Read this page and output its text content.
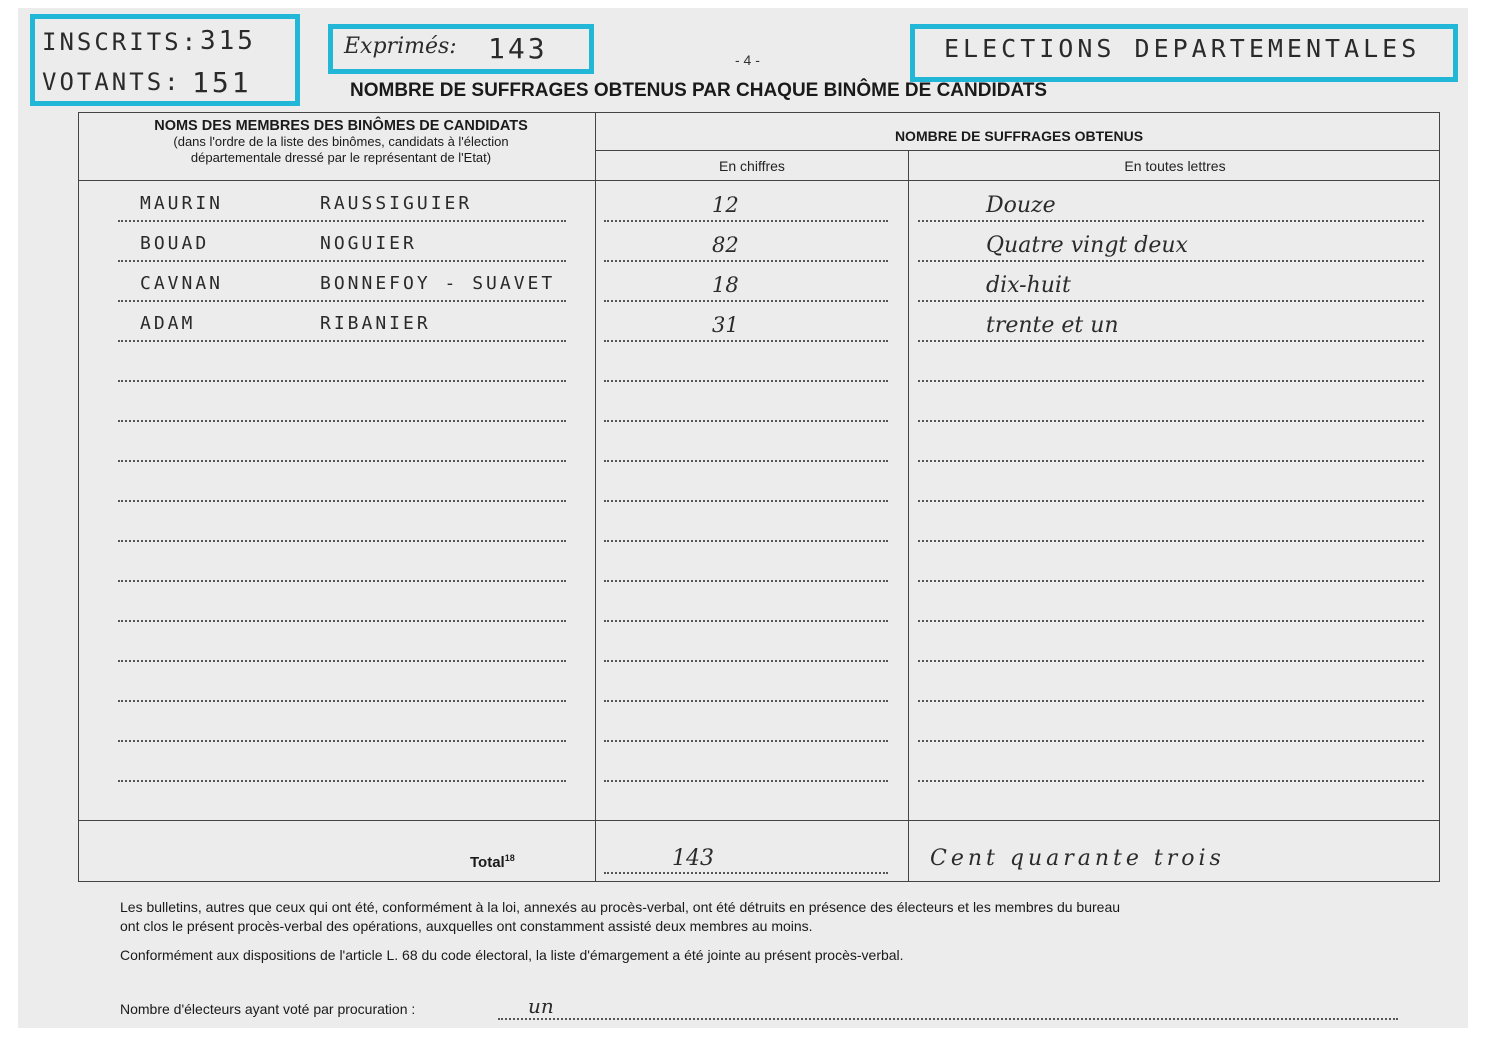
INSCRITS: 315
VOTANTS: 151
Exprimés: 143	ELECTIONS DEPARTEMENTALES
- 4 -
NOMBRE DE SUFFRAGES OBTENUS PAR CHAQUE BINÔME DE CANDIDATS
NOMS DES MEMBRES DES BINÔMES DE CANDIDATS
(dans l'ordre de la liste des binômes, candidats à l'élection
départementale dressé par le représentant de l'Etat)
NOMBRE DE SUFFRAGES OBTENUS
En chiffres	En toutes lettres
MAURIN	RAUSSIGUIER	12	Douze
BOUAD	NOGUIER	82	Quatre vingt deux
CAVNAN	BONNEFOY - SUAVET	18	dix-huit
ADAM	RIBANIER	31	trente et un
Total$^{18}$	143	Cent quarante trois
Les bulletins, autres que ceux qui ont été, conformément à la loi, annexés au procès-verbal, ont été détruits en présence des électeurs et les membres du bureau
ont clos le présent procès-verbal des opérations, auxquelles ont constamment assisté deux membres au moins.
Conformément aux dispositions de l'article L. 68 du code électoral, la liste d'émargement a été jointe au présent procès-verbal.
Nombre d'électeurs ayant voté par procuration :	un
